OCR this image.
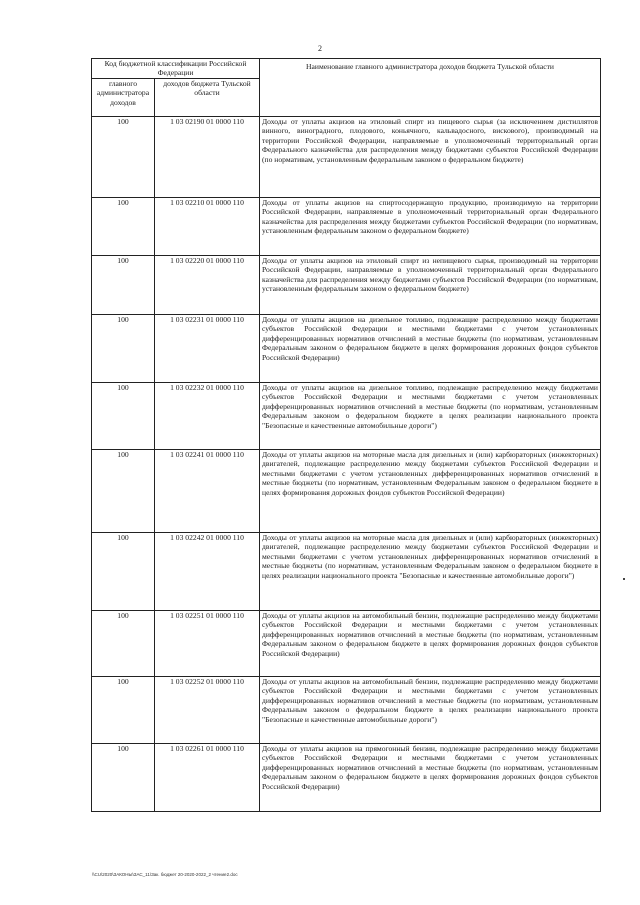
2
Код бюджетной классификации Российской Федерации		Наименование главного администратора доходов бюджета Тульской области
главного администратора доходов	доходов бюджета Тульской области	
100	1 03 02190 01 0000 110	Доходы от уплаты акцизов на этиловый спирт из пищевого сырья (за исключением дистиллятов винного, виноградного, плодового, коньячного, кальвадосного, вискового), производимый на территории Российской Федерации, направляемые в уполномоченный территориальный орган Федерального казначейства для распределения между бюджетами субъектов Российской Федерации (по нормативам, установленным федеральным законом о федеральном бюджете)
100	1 03 02210 01 0000 110	Доходы от уплаты акцизов на спиртосодержащую продукцию, производимую на территории Российской Федерации, направляемые в уполномоченный территориальный орган Федерального казначейства для распределения между бюджетами субъектов Российской Федерации (по нормативам, установленным федеральным законом о федеральном бюджете)
100	1 03 02220 01 0000 110	Доходы от уплаты акцизов на этиловый спирт из непищевого сырья, производимый на территории Российской Федерации, направляемые в уполномоченный территориальный орган Федерального казначейства для распределения между бюджетами субъектов Российской Федерации (по нормативам, установленным федеральным законом о федеральном бюджете)
100	1 03 02231 01 0000 110	Доходы от уплаты акцизов на дизельное топливо, подлежащие распределению между бюджетами субъектов Российской Федерации и местными бюджетами с учетом установленных дифференцированных нормативов отчислений в местные бюджеты (по нормативам, установленным Федеральным законом о федеральном бюджете в целях формирования дорожных фондов субъектов Российской Федерации)
100	1 03 02232 01 0000 110	Доходы от уплаты акцизов на дизельное топливо, подлежащие распределению между бюджетами субъектов Российской Федерации и местными бюджетами с учетом установленных дифференцированных нормативов отчислений в местные бюджеты (по нормативам, установленным Федеральным законом о федеральном бюджете в целях реализации национального проекта "Безопасные и качественные автомобильные дороги")
100	1 03 02241 01 0000 110	Доходы от уплаты акцизов на моторные масла для дизельных и (или) карбюраторных (инжекторных) двигателей, подлежащие распределению между бюджетами субъектов Российской Федерации и местными бюджетами с учетом установленных дифференцированных нормативов отчислений в местные бюджеты (по нормативам, установленным Федеральным законом о федеральном бюджете в целях формирования дорожных фондов субъектов Российской Федерации)
100	1 03 02242 01 0000 110	Доходы от уплаты акцизов на моторные масла для дизельных и (или) карбюраторных (инжекторных) двигателей, подлежащие распределению между бюджетами субъектов Российской Федерации и местными бюджетами с учетом установленных дифференцированных нормативов отчислений в местные бюджеты (по нормативам, установленным Федеральным законом о федеральном бюджете в целях реализации национального проекта "Безопасные и качественные автомобильные дороги")
100	1 03 02251 01 0000 110	Доходы от уплаты акцизов на автомобильный бензин, подлежащие распределению между бюджетами субъектов Российской Федерации и местными бюджетами с учетом установленных дифференцированных нормативов отчислений в местные бюджеты (по нормативам, установленным Федеральным законом о федеральном бюджете в целях формирования дорожных фондов субъектов Российской Федерации)
100	1 03 02252 01 0000 110	Доходы от уплаты акцизов на автомобильный бензин, подлежащие распределению между бюджетами субъектов Российской Федерации и местными бюджетами с учетом установленных дифференцированных нормативов отчислений в местные бюджеты (по нормативам, установленным Федеральным законом о федеральном бюджете в целях реализации национального проекта "Безопасные и качественные автомобильные дороги")
100	1 03 02261 01 0000 110	Доходы от уплаты акцизов на прямогонный бензин, подлежащие распределению между бюджетами субъектов Российской Федерации и местными бюджетами с учетом установленных дифференцированных нормативов отчислений в местные бюджеты (по нормативам, установленным Федеральным законом о федеральном бюджете в целях формирования дорожных фондов субъектов Российской Федерации)
\\CU\2020\ЗАКОНЫ\ЗАС_11\Зак. бюджет 20-2020-2022_2 чтение2.doc
